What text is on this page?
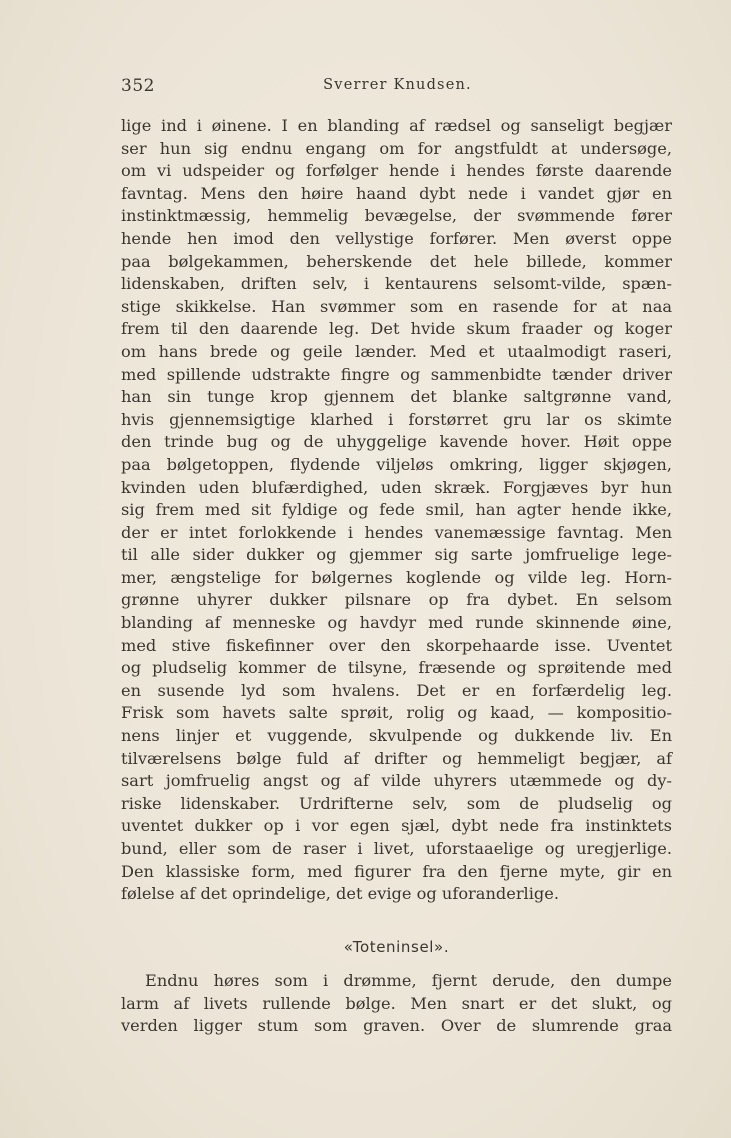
352	Sverrer Knudsen.
lige ind i øinene. I en blanding af rædsel og sanseligt begjær
ser hun sig endnu engang om for angstfuldt at undersøge,
om vi udspeider og forfølger hende i hendes første daarende
favntag. Mens den høire haand dybt nede i vandet gjør en
instinktmæssig, hemmelig bevægelse, der svømmende fører
hende hen imod den vellystige forfører. Men øverst oppe
paa bølgekammen, beherskende det hele billede, kommer
lidenskaben, driften selv, i kentaurens selsomt-vilde, spæn-
stige skikkelse. Han svømmer som en rasende for at naa
frem til den daarende leg. Det hvide skum fraader og koger
om hans brede og geile lænder. Med et utaalmodigt raseri,
med spillende udstrakte fingre og sammenbidte tænder driver
han sin tunge krop gjennem det blanke saltgrønne vand,
hvis gjennemsigtige klarhed i forstørret gru lar os skimte
den trinde bug og de uhyggelige kavende hover. Høit oppe
paa bølgetoppen, flydende viljeløs omkring, ligger skjøgen,
kvinden uden blufærdighed, uden skræk. Forgjæves byr hun
sig frem med sit fyldige og fede smil, han agter hende ikke,
der er intet forlokkende i hendes vanemæssige favntag. Men
til alle sider dukker og gjemmer sig sarte jomfruelige lege-
mer, ængstelige for bølgernes koglende og vilde leg. Horn-
grønne uhyrer dukker pilsnare op fra dybet. En selsom
blanding af menneske og havdyr med runde skinnende øine,
med stive fiskefinner over den skorpehaarde isse. Uventet
og pludselig kommer de tilsyne, fræsende og sprøitende med
en susende lyd som hvalens. Det er en forfærdelig leg.
Frisk som havets salte sprøit, rolig og kaad, — kompositio-
nens linjer et vuggende, skvulpende og dukkende liv. En
tilværelsens bølge fuld af drifter og hemmeligt begjær, af
sart jomfruelig angst og af vilde uhyrers utæmmede og dy-
riske lidenskaber. Urdrifterne selv, som de pludselig og
uventet dukker op i vor egen sjæl, dybt nede fra instinktets
bund, eller som de raser i livet, uforstaaelige og uregjerlige.
Den klassiske form, med figurer fra den fjerne myte, gir en
følelse af det oprindelige, det evige og uforanderlige.
«Toteninsel».
Endnu høres som i drømme, fjernt derude, den dumpe
larm af livets rullende bølge. Men snart er det slukt, og
verden ligger stum som graven. Over de slumrende graa
